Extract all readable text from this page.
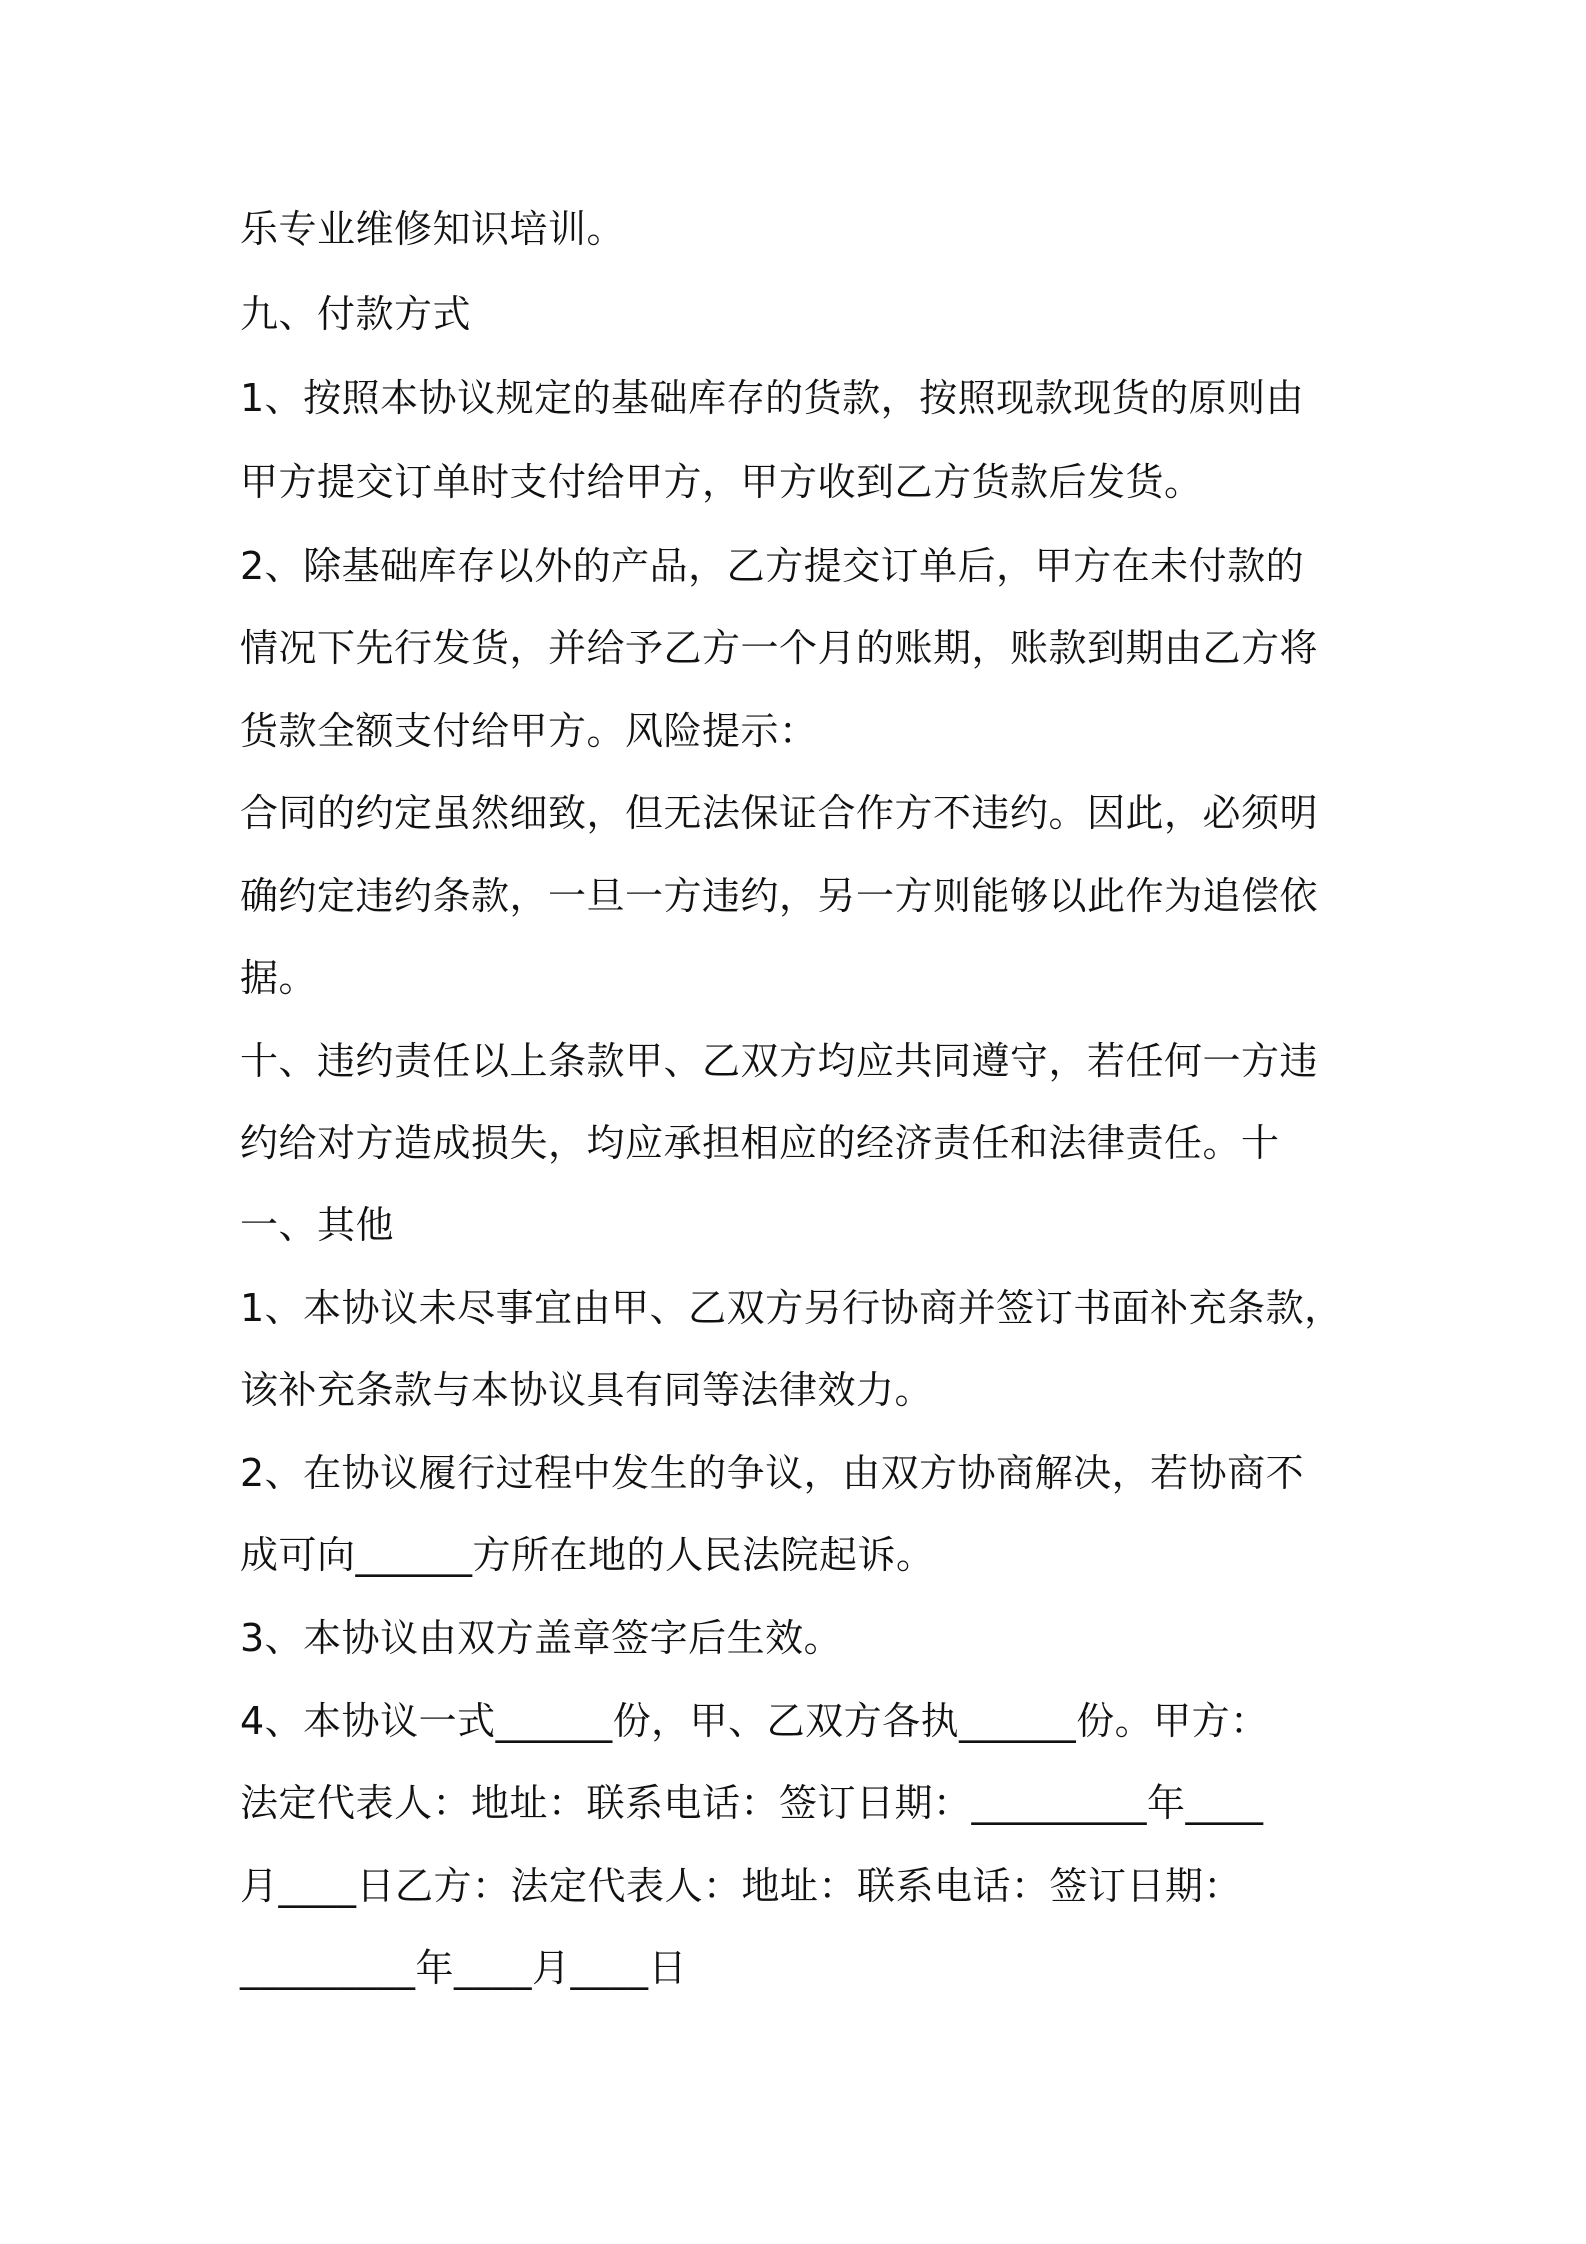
乐专业维修知识培训。
九、付款方式
1、按照本协议规定的基础库存的货款，按照现款现货的原则由
甲方提交订单时支付给甲方，甲方收到乙方货款后发货。
2、除基础库存以外的产品，乙方提交订单后，甲方在未付款的
情况下先行发货，并给予乙方一个月的账期，账款到期由乙方将
货款全额支付给甲方。风险提示：
合同的约定虽然细致，但无法保证合作方不违约。因此，必须明
确约定违约条款，一旦一方违约，另一方则能够以此作为追偿依
据。
十、违约责任以上条款甲、乙双方均应共同遵守，若任何一方违
约给对方造成损失，均应承担相应的经济责任和法律责任。十
一、其他
1、本协议未尽事宜由甲、乙双方另行协商并签订书面补充条款，
该补充条款与本协议具有同等法律效力。
2、在协议履行过程中发生的争议，由双方协商解决，若协商不
成可向______方所在地的人民法院起诉。
3、本协议由双方盖章签字后生效。
4、本协议一式______份，甲、乙双方各执______份。甲方：
法定代表人：地址：联系电话：签订日期：_________年____
月____日乙方：法定代表人：地址：联系电话：签订日期：
_________年____月____日
